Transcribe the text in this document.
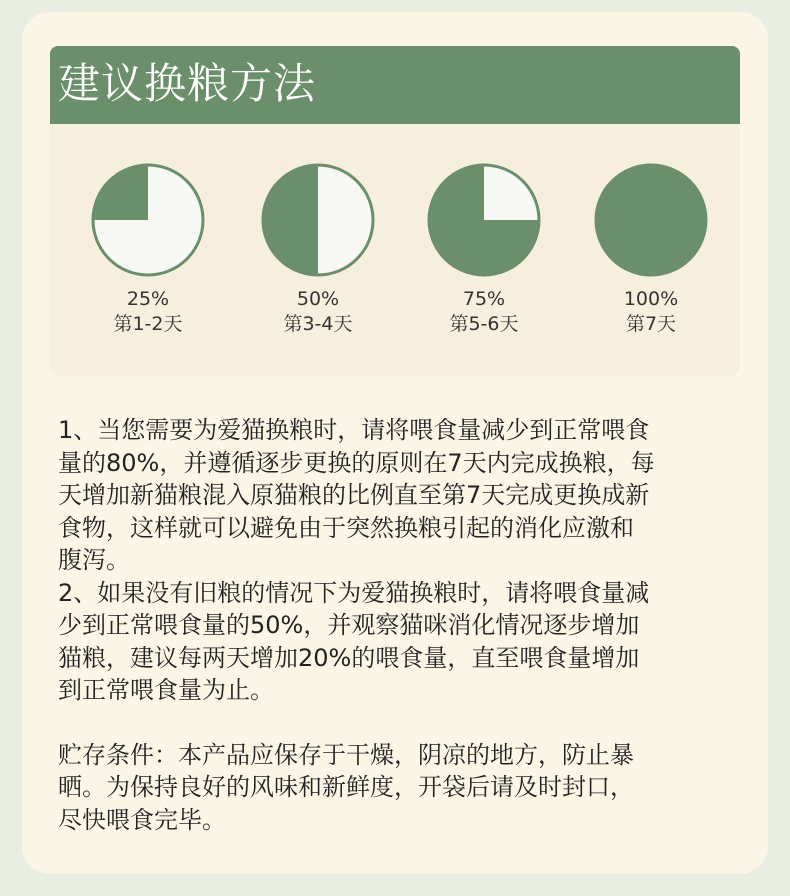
建议换粮方法
25%
第1-2天
50%
第3-4天
75%
第5-6天
100%
第7天

1、当您需要为爱猫换粮时，请将喂食量减少到正常喂食
量的80%，并遵循逐步更换的原则在7天内完成换粮，每
天增加新猫粮混入原猫粮的比例直至第7天完成更换成新
食物，这样就可以避免由于突然换粮引起的消化应激和
腹泻。

2、如果没有旧粮的情况下为爱猫换粮时，请将喂食量减
少到正常喂食量的50%，并观察猫咪消化情况逐步增加
猫粮，建议每两天增加20%的喂食量，直至喂食量增加
到正常喂食量为止。

贮存条件：本产品应保存于干燥，阴凉的地方，防止暴
晒。为保持良好的风味和新鲜度，开袋后请及时封口，
尽快喂食完毕。
